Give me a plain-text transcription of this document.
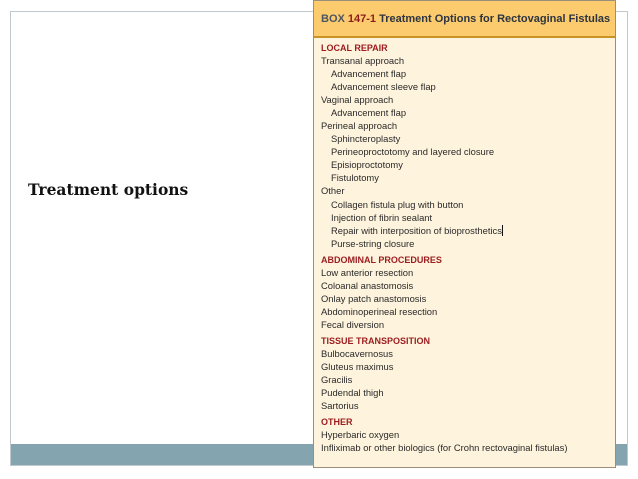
Treatment options
BOX 147-1 Treatment Options for Rectovaginal Fistulas
LOCAL REPAIR
Transanal approach
Advancement flap
Advancement sleeve flap
Vaginal approach
Advancement flap
Perineal approach
Sphincteroplasty
Perineoproctotomy and layered closure
Episioproctotomy
Fistulotomy
Other
Collagen fistula plug with button
Injection of fibrin sealant
Repair with interposition of bioprosthetics
Purse-string closure
ABDOMINAL PROCEDURES
Low anterior resection
Coloanal anastomosis
Onlay patch anastomosis
Abdominoperineal resection
Fecal diversion
TISSUE TRANSPOSITION
Bulbocavernosus
Gluteus maximus
Gracilis
Pudendal thigh
Sartorius
OTHER
Hyperbaric oxygen
Infliximab or other biologics (for Crohn rectovaginal fistulas)
